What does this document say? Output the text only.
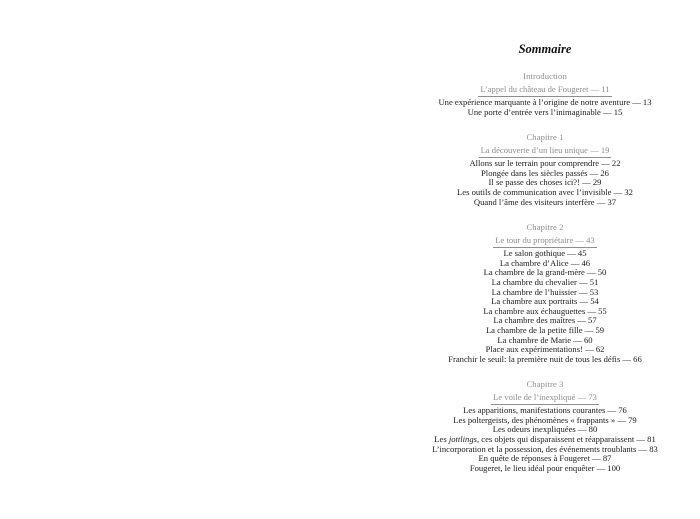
Sommaire
Introduction
L’appel du château de Fougeret — 11
Une expérience marquante à l’origine de notre aventure — 13
Une porte d’entrée vers l’inimaginable — 15
Chapitre 1
La découverte d’un lieu unique — 19
Allons sur le terrain pour comprendre — 22
Plongée dans les siècles passés — 26
Il se passe des choses ici?! — 29
Les outils de communication avec l’invisible — 32
Quand l’âme des visiteurs interfère — 37
Chapitre 2
Le tour du propriétaire — 43
Le salon gothique — 45
La chambre d’Alice — 46
La chambre de la grand-mère — 50
La chambre du chevalier — 51
La chambre de l’huissier — 53
La chambre aux portraits — 54
La chambre aux échauguettes — 55
La chambre des maîtres — 57
La chambre de la petite fille — 59
La chambre de Marie — 60
Place aux expérimentations! — 62
Franchir le seuil: la première nuit de tous les défis — 66
Chapitre 3
Le voile de l’inexpliqué — 73
Les apparitions, manifestations courantes — 76
Les poltergeists, des phénomènes « frappants » — 79
Les odeurs inexpliquées — 80
Les jottlings, ces objets qui disparaissent et réapparaissent — 81
L’incorporation et la possession, des événements troublants — 83
En quête de réponses à Fougeret — 87
Fougeret, le lieu idéal pour enquêter — 100
